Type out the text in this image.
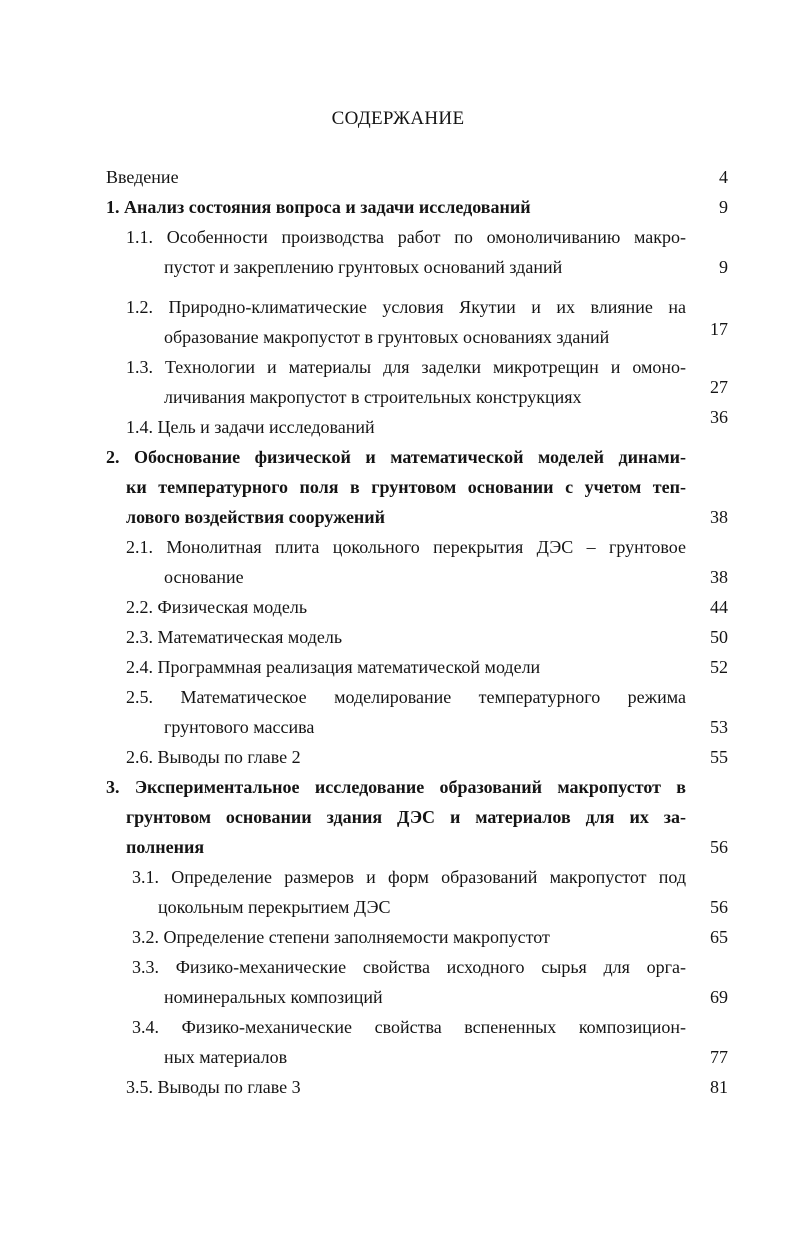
СОДЕРЖАНИЕ
Введение	4
1. Анализ состояния вопроса и задачи исследований	9
1.1. Особенности производства работ по омоноличиванию макро-
пустот и закреплению грунтовых оснований зданий	9
1.2. Природно-климатические условия Якутии и их влияние на
образование макропустот в грунтовых основаниях зданий	17
1.3. Технологии и материалы для заделки микротрещин и омоно-
личивания макропустот в строительных конструкциях	27
1.4. Цель и задачи исследований	36
2. Обоснование физической и математической моделей динами-
ки температурного поля в грунтовом основании с учетом теп-
лового воздействия сооружений	38
2.1. Монолитная плита цокольного перекрытия ДЭС – грунтовое
основание	38
2.2. Физическая модель	44
2.3. Математическая модель	50
2.4. Программная реализация математической модели	52
2.5. Математическое моделирование температурного режима
грунтового массива	53
2.6. Выводы по главе 2	55
3. Экспериментальное исследование образований макропустот в
грунтовом основании здания ДЭС и материалов для их за-
полнения	56
3.1. Определение размеров и форм образований макропустот под
цокольным перекрытием ДЭС	56
3.2. Определение степени заполняемости макропустот	65
3.3. Физико-механические свойства исходного сырья для орга-
номинеральных композиций	69
3.4. Физико-механические свойства вспененных композицион-
ных материалов	77
3.5. Выводы по главе 3	81
